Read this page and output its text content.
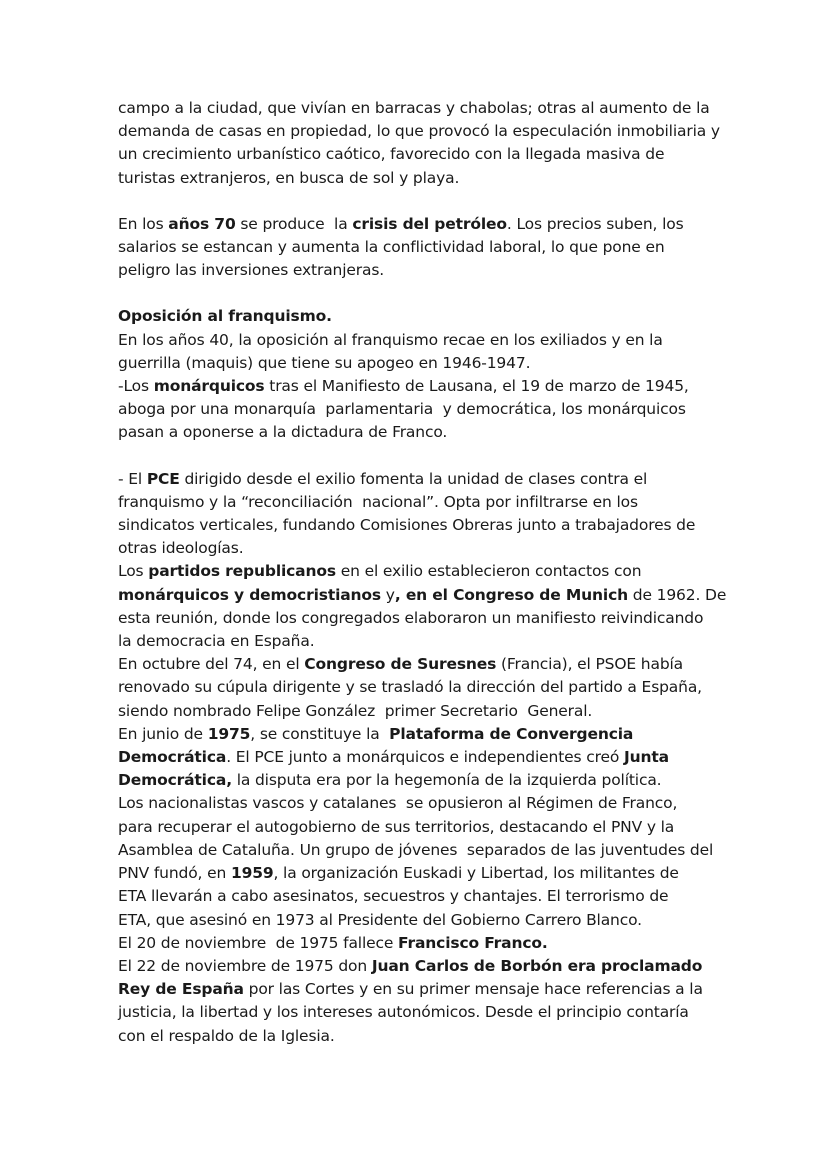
campo a la ciudad, que vivían en barracas y chabolas; otras al aumento de la
demanda de casas en propiedad, lo que provocó la especulación inmobiliaria y
un crecimiento urbanístico caótico, favorecido con la llegada masiva de
turistas extranjeros, en busca de sol y playa.
En los años 70 se produce  la crisis del petróleo. Los precios suben, los
salarios se estancan y aumenta la conflictividad laboral, lo que pone en
peligro las inversiones extranjeras.
Oposición al franquismo.
En los años 40, la oposición al franquismo recae en los exiliados y en la
guerrilla (maquis) que tiene su apogeo en 1946-1947.
-Los monárquicos tras el Manifiesto de Lausana, el 19 de marzo de 1945,
aboga por una monarquía  parlamentaria  y democrática, los monárquicos
pasan a oponerse a la dictadura de Franco.
- El PCE dirigido desde el exilio fomenta la unidad de clases contra el
franquismo y la “reconciliación  nacional”. Opta por infiltrarse en los
sindicatos verticales, fundando Comisiones Obreras junto a trabajadores de
otras ideologías.
Los partidos republicanos en el exilio establecieron contactos con
monárquicos y democristianos y, en el Congreso de Munich de 1962. De
esta reunión, donde los congregados elaboraron un manifiesto reivindicando
la democracia en España.
En octubre del 74, en el Congreso de Suresnes (Francia), el PSOE había
renovado su cúpula dirigente y se trasladó la dirección del partido a España,
siendo nombrado Felipe González  primer Secretario  General.
En junio de 1975, se constituye la  Plataforma de Convergencia
Democrática. El PCE junto a monárquicos e independientes creó Junta
Democrática, la disputa era por la hegemonía de la izquierda política.
Los nacionalistas vascos y catalanes  se opusieron al Régimen de Franco,
para recuperar el autogobierno de sus territorios, destacando el PNV y la
Asamblea de Cataluña. Un grupo de jóvenes  separados de las juventudes del
PNV fundó, en 1959, la organización Euskadi y Libertad, los militantes de
ETA llevarán a cabo asesinatos, secuestros y chantajes. El terrorismo de
ETA, que asesinó en 1973 al Presidente del Gobierno Carrero Blanco.
El 20 de noviembre  de 1975 fallece Francisco Franco.
El 22 de noviembre de 1975 don Juan Carlos de Borbón era proclamado
Rey de España por las Cortes y en su primer mensaje hace referencias a la
justicia, la libertad y los intereses autonómicos. Desde el principio contaría
con el respaldo de la Iglesia.
